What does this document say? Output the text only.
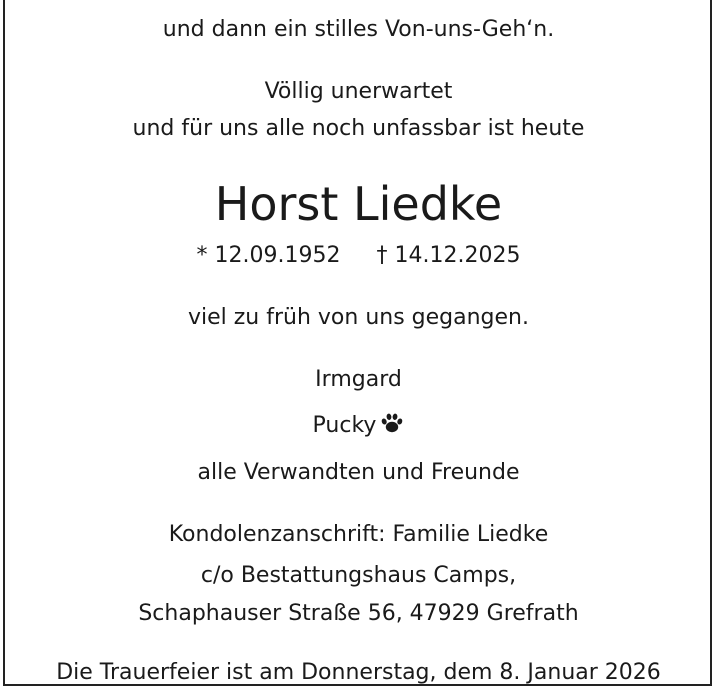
und dann ein stilles Von-uns-Geh‘n.
Völlig unerwartet
und für uns alle noch unfassbar ist heute
Horst Liedke
* 12.09.1952 † 14.12.2025
viel zu früh von uns gegangen.
Irmgard
Pucky
alle Verwandten und Freunde
Kondolenzanschrift: Familie Liedke
c/o Bestattungshaus Camps,
Schaphauser Straße 56, 47929 Grefrath
Die Trauerfeier ist am Donnerstag, dem 8. Januar 2026
